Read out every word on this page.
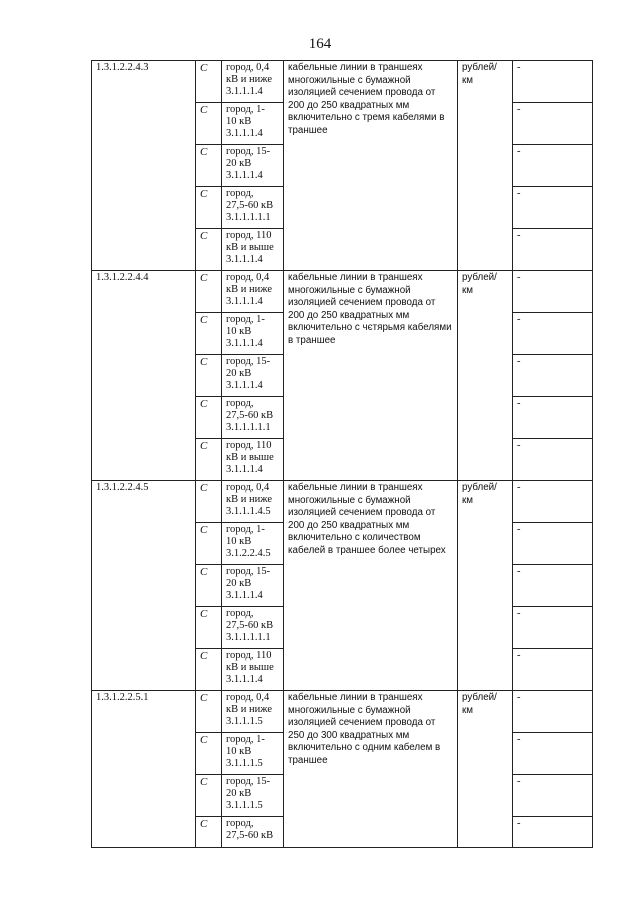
164
1.3.1.2.2.4.3	С	город, 0,4
кВ и ниже
3.1.1.1.4	кабельные линии в траншеях многожильные с бумажной изоляцией сечением провода от 200 до 250 квадратных мм включительно с тремя кабелями в траншее	рублей/ км	-
	С	город, 1-
10 кВ
3.1.1.1.4			-
	С	город, 15-
20 кВ
3.1.1.1.4			-
	С	город,
27,5-60 кВ
3.1.1.1.1.1			-
	С	город, 110
кВ и выше
3.1.1.1.4			-
1.3.1.2.2.4.4	С	город, 0,4
кВ и ниже
3.1.1.1.4	кабельные линии в траншеях многожильные с бумажной изоляцией сечением провода от 200 до 250 квадратных мм включительно с чєтярьмя кабелями в траншее	рублей/ км	-
	С	город, 1-
10 кВ
3.1.1.1.4			-
	С	город, 15-
20 кВ
3.1.1.1.4			-
	С	город,
27,5-60 кВ
3.1.1.1.1.1			-
	С	город, 110
кВ и выше
3.1.1.1.4			-
1.3.1.2.2.4.5	С	город, 0,4
кВ и ниже
3.1.1.1.4.5	кабельные линии в траншеях многожильные с бумажной изоляцией сечением провода от 200 до 250 квадратных мм включительно с количеством кабелей в траншее более четырех	рублей/ км	-
	С	город, 1-
10 кВ
3.1.2.2.4.5			-
	С	город, 15-
20 кВ
3.1.1.1.4			-
	С	город,
27,5-60 кВ
3.1.1.1.1.1			-
	С	город, 110
кВ и выше
3.1.1.1.4			-
1.3.1.2.2.5.1	С	город, 0,4
кВ и ниже
3.1.1.1.5	кабельные линии в траншеях многожильные с бумажной изоляцией сечением провода от 250 до 300 квадратных мм включительно с одним кабелем в траншее	рублей/ км	-
	С	город, 1-
10 кВ
3.1.1.1.5			-
	С	город, 15-
20 кВ
3.1.1.1.5			-
	С	город,
27,5-60 кВ			-
